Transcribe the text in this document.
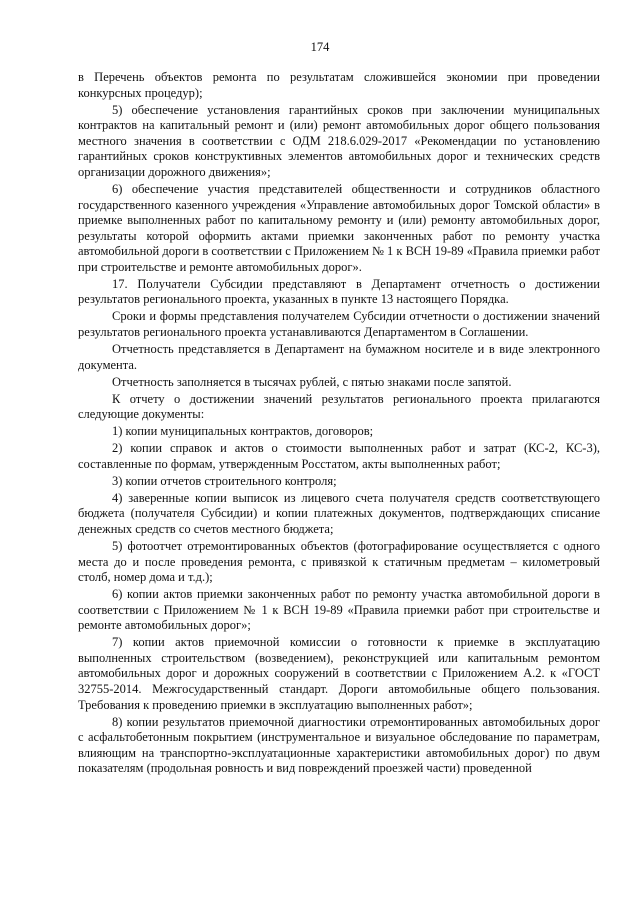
174

в Перечень объектов ремонта по результатам сложившейся экономии при проведении конкурсных процедур);

5) обеспечение установления гарантийных сроков при заключении муниципальных контрактов на капитальный ремонт и (или) ремонт автомобильных дорог общего пользования местного значения в соответствии с ОДМ 218.6.029-2017 «Рекомендации по установлению гарантийных сроков конструктивных элементов автомобильных дорог и технических средств организации дорожного движения»;

6) обеспечение участия представителей общественности и сотрудников областного государственного казенного учреждения «Управление автомобильных дорог Томской области» в приемке выполненных работ по капитальному ремонту и (или) ремонту автомобильных дорог, результаты которой оформить актами приемки законченных работ по ремонту участка автомобильной дороги в соответствии с Приложением № 1 к ВСН 19-89 «Правила приемки работ при строительстве и ремонте автомобильных дорог».

17. Получатели Субсидии представляют в Департамент отчетность о достижении результатов регионального проекта, указанных в пункте 13 настоящего Порядка.

Сроки и формы представления получателем Субсидии отчетности о достижении значений результатов регионального проекта устанавливаются Департаментом в Соглашении.

Отчетность представляется в Департамент на бумажном носителе и в виде электронного документа.

Отчетность заполняется в тысячах рублей, с пятью знаками после запятой.

К отчету о достижении значений результатов регионального проекта прилагаются следующие документы:

1) копии муниципальных контрактов, договоров;

2) копии справок и актов о стоимости выполненных работ и затрат (КС-2, КС-3), составленные по формам, утвержденным Росстатом, акты выполненных работ;

3) копии отчетов строительного контроля;

4) заверенные копии выписок из лицевого счета получателя средств соответствующего бюджета (получателя Субсидии) и копии платежных документов, подтверждающих списание денежных средств со счетов местного бюджета;

5) фотоотчет отремонтированных объектов (фотографирование осуществляется с одного места до и после проведения ремонта, с привязкой к статичным предметам – километровый столб, номер дома и т.д.);

6) копии актов приемки законченных работ по ремонту участка автомобильной дороги в соответствии с Приложением № 1 к ВСН 19-89 «Правила приемки работ при строительстве и ремонте автомобильных дорог»;

7) копии актов приемочной комиссии о готовности к приемке в эксплуатацию выполненных строительством (возведением), реконструкцией или капитальным ремонтом автомобильных дорог и дорожных сооружений в соответствии с Приложением А.2. к «ГОСТ 32755-2014. Межгосударственный стандарт. Дороги автомобильные общего пользования. Требования к проведению приемки в эксплуатацию выполненных работ»;

8) копии результатов приемочной диагностики отремонтированных автомобильных дорог с асфальтобетонным покрытием (инструментальное и визуальное обследование по параметрам, влияющим на транспортно-эксплуатационные характеристики автомобильных дорог) по двум показателям (продольная ровность и вид повреждений проезжей части) проведенной
